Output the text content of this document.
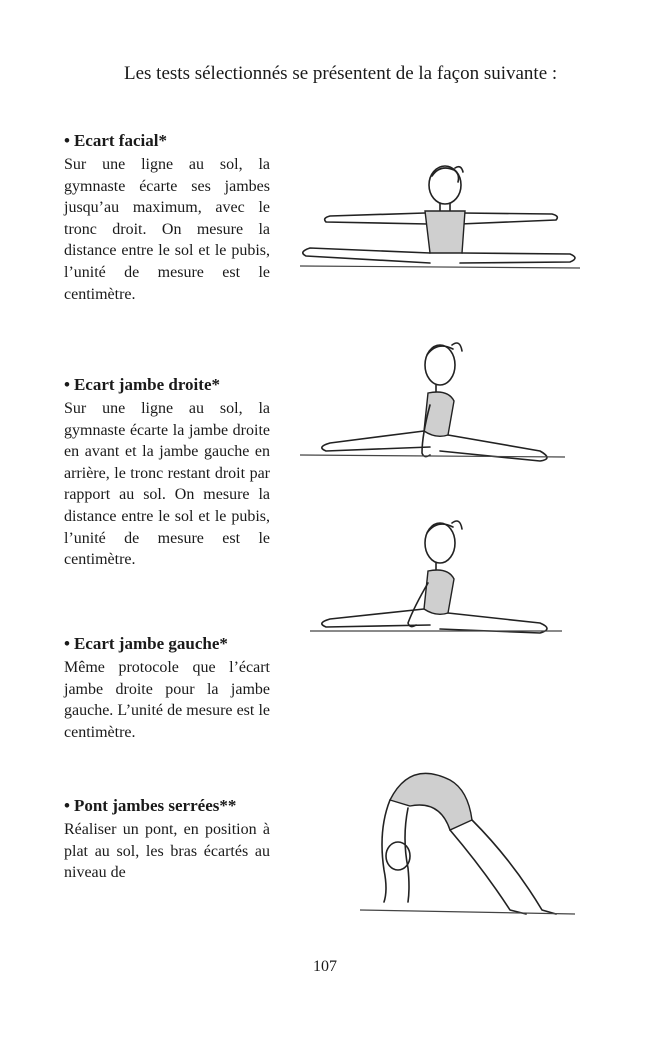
Les tests sélectionnés se présentent de la façon suivante :

• Ecart facial*

Sur une ligne au sol, la gymnaste écarte ses jambes jusqu’au maximum, avec le tronc droit. On mesure la distance entre le sol et le pubis, l’unité de mesure est le centimètre.

• Ecart jambe droite*

Sur une ligne au sol, la gymnaste écarte la jambe droite en avant et la jambe gauche en arrière, le tronc restant droit par rapport au sol. On mesure la distance entre le sol et le pubis, l’unité de mesure est le centimètre.

• Ecart jambe gauche*

Même protocole que l’écart jambe droite pour la jambe gauche. L’unité de mesure est le centimètre.

• Pont jambes serrées**

Réaliser un pont, en position à plat au sol, les bras écartés au niveau de

107
